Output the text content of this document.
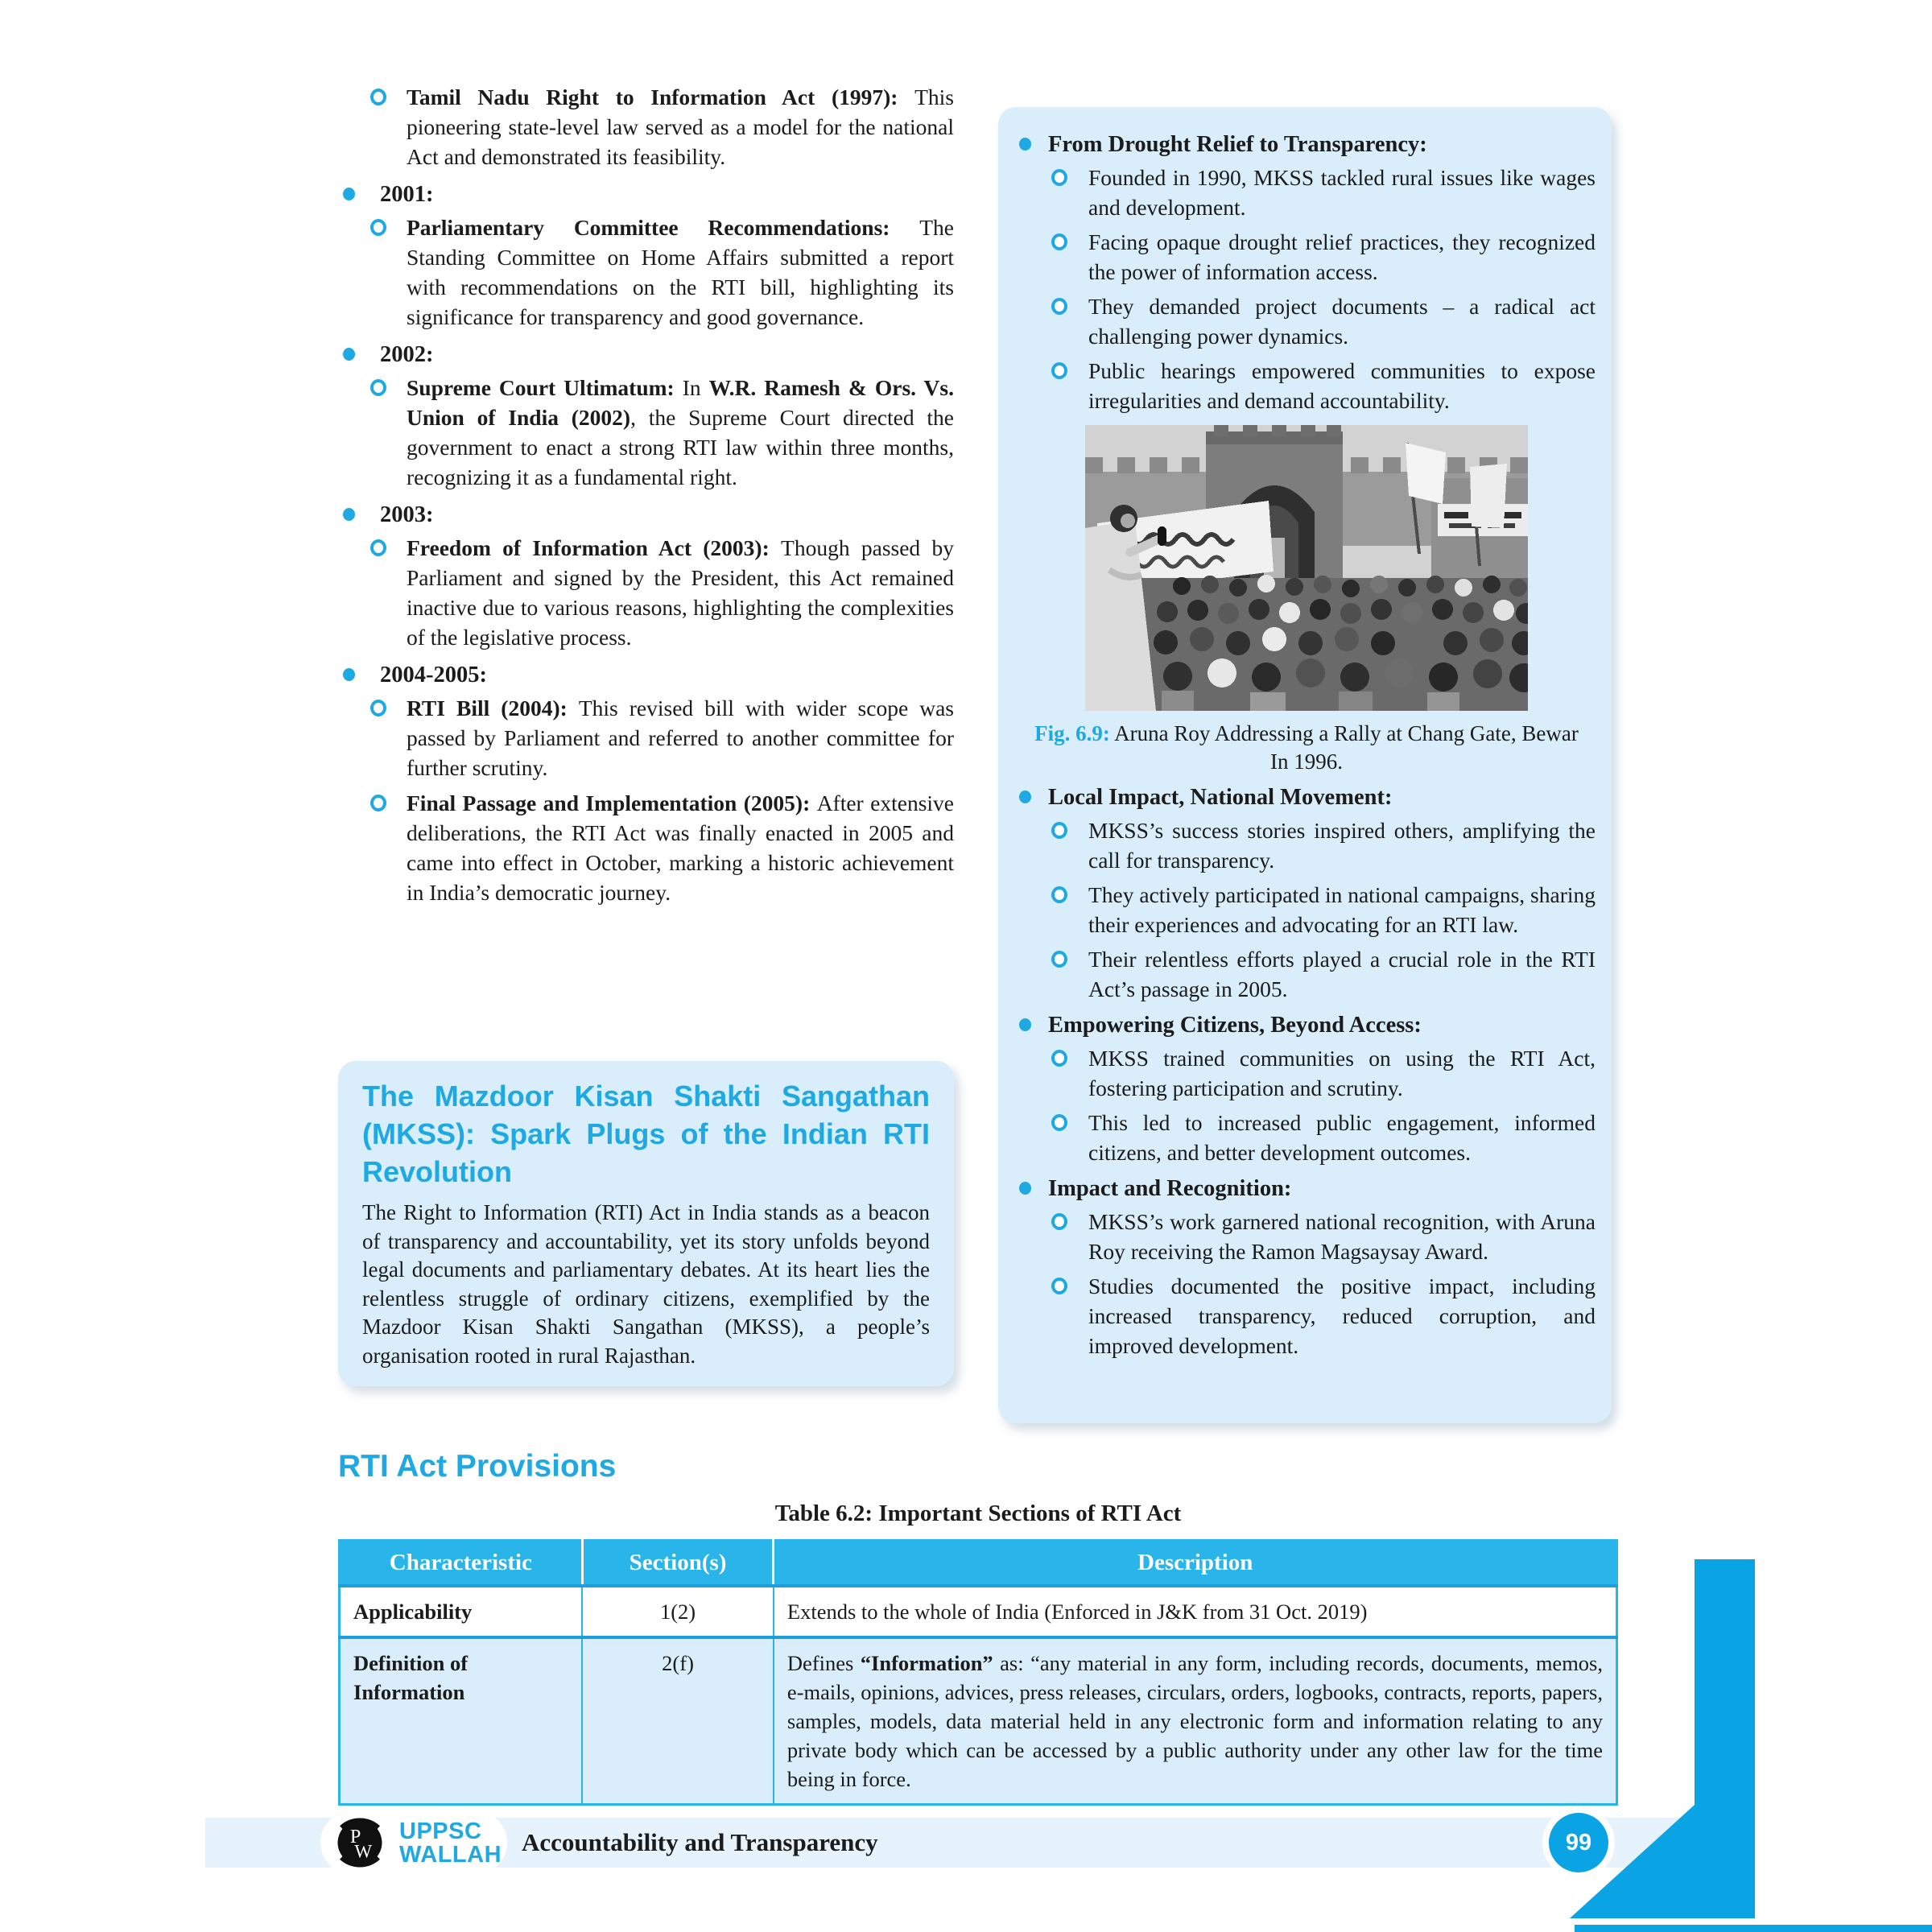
Tamil Nadu Right to Information Act (1997): This pioneering state-level law served as a model for the national Act and demonstrated its feasibility.
2001:
Parliamentary Committee Recommendations: The Standing Committee on Home Affairs submitted a report with recommendations on the RTI bill, highlighting its significance for transparency and good governance.
2002:
Supreme Court Ultimatum: In W.R. Ramesh & Ors. Vs. Union of India (2002), the Supreme Court directed the government to enact a strong RTI law within three months, recognizing it as a fundamental right.
2003:
Freedom of Information Act (2003): Though passed by Parliament and signed by the President, this Act remained inactive due to various reasons, highlighting the complexities of the legislative process.
2004-2005:
RTI Bill (2004): This revised bill with wider scope was passed by Parliament and referred to another committee for further scrutiny.
Final Passage and Implementation (2005): After extensive deliberations, the RTI Act was finally enacted in 2005 and came into effect in October, marking a historic achievement in India’s democratic journey.
The Mazdoor Kisan Shakti Sangathan (MKSS): Spark Plugs of the Indian RTI Revolution

The Right to Information (RTI) Act in India stands as a beacon of transparency and accountability, yet its story unfolds beyond legal documents and parliamentary debates. At its heart lies the relentless struggle of ordinary citizens, exemplified by the Mazdoor Kisan Shakti Sangathan (MKSS), a people’s organisation rooted in rural Rajasthan.

From Drought Relief to Transparency:
Founded in 1990, MKSS tackled rural issues like wages and development.
Facing opaque drought relief practices, they recognized the power of information access.
They demanded project documents – a radical act challenging power dynamics.
Public hearings empowered communities to expose irregularities and demand accountability.
Fig. 6.9: Aruna Roy Addressing a Rally at Chang Gate, Bewar In 1996.
Local Impact, National Movement:
MKSS’s success stories inspired others, amplifying the call for transparency.
They actively participated in national campaigns, sharing their experiences and advocating for an RTI law.
Their relentless efforts played a crucial role in the RTI Act’s passage in 2005.
Empowering Citizens, Beyond Access:
MKSS trained communities on using the RTI Act, fostering participation and scrutiny.
This led to increased public engagement, informed citizens, and better development outcomes.
Impact and Recognition:
MKSS’s work garnered national recognition, with Aruna Roy receiving the Ramon Magsaysay Award.
Studies documented the positive impact, including increased transparency, reduced corruption, and improved development.
RTI Act Provisions
Table 6.2: Important Sections of RTI Act
Characteristic	Section(s)	Description
Applicability	1(2)	Extends to the whole of India (Enforced in J&K from 31 Oct. 2019)
Definition of Information	2(f)	Defines “Information” as: “any material in any form, including records, documents, memos, e-mails, opinions, advices, press releases, circulars, orders, logbooks, contracts, reports, papers, samples, models, data material held in any electronic form and information relating to any private body which can be accessed by a public authority under any other law for the time being in force.
P
W
UPPSC
WALLAH Accountability and Transparency	99
